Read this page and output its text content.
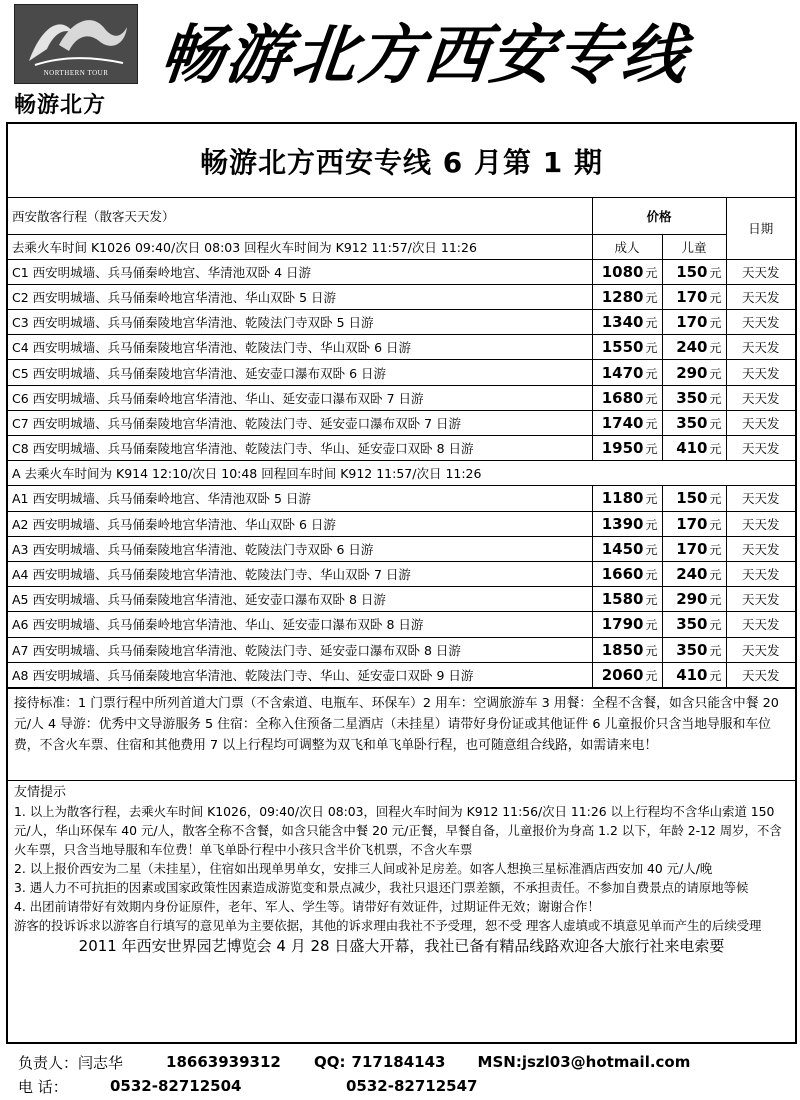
NORTHERN TOUR
畅游北方
畅游北方西安专线
畅游北方西安专线 6 月第 1 期
西安散客行程（散客天天发）	价格		日期
去乘火车时间 K1026 09:40/次日 08:03 回程火车时间为 K912 11:57/次日 11:26	成人	儿童	
C1 西安明城墙、兵马俑秦岭地宫、华清池双卧 4 日游	1080 元	150 元	天天发
C2 西安明城墙、兵马俑秦岭地宫华清池、华山双卧 5 日游	1280 元	170 元	天天发
C3 西安明城墙、兵马俑秦陵地宫华清池、乾陵法门寺双卧 5 日游	1340 元	170 元	天天发
C4 西安明城墙、兵马俑秦陵地宫华清池、乾陵法门寺、华山双卧 6 日游	1550 元	240 元	天天发
C5 西安明城墙、兵马俑秦陵地宫华清池、延安壶口瀑布双卧 6 日游	1470 元	290 元	天天发
C6 西安明城墙、兵马俑秦岭地宫华清池、华山、延安壶口瀑布双卧 7 日游	1680 元	350 元	天天发
C7 西安明城墙、兵马俑秦陵地宫华清池、乾陵法门寺、延安壶口瀑布双卧 7 日游	1740 元	350 元	天天发
C8 西安明城墙、兵马俑秦陵地宫华清池、乾陵法门寺、华山、延安壶口双卧 8 日游	1950 元	410 元	天天发
A 去乘火车时间为 K914 12:10/次日 10:48 回程回车时间 K912 11:57/次日 11:26			
A1 西安明城墙、兵马俑秦岭地宫、华清池双卧 5 日游	1180 元	150 元	天天发
A2 西安明城墙、兵马俑秦岭地宫华清池、华山双卧 6 日游	1390 元	170 元	天天发
A3 西安明城墙、兵马俑秦陵地宫华清池、乾陵法门寺双卧 6 日游	1450 元	170 元	天天发
A4 西安明城墙、兵马俑秦陵地宫华清池、乾陵法门寺、华山双卧 7 日游	1660 元	240 元	天天发
A5 西安明城墙、兵马俑秦陵地宫华清池、延安壶口瀑布双卧 8 日游	1580 元	290 元	天天发
A6 西安明城墙、兵马俑秦岭地宫华清池、华山、延安壶口瀑布双卧 8 日游	1790 元	350 元	天天发
A7 西安明城墙、兵马俑秦陵地宫华清池、乾陵法门寺、延安壶口瀑布双卧 8 日游	1850 元	350 元	天天发
A8 西安明城墙、兵马俑秦陵地宫华清池、乾陵法门寺、华山、延安壶口双卧 9 日游	2060 元	410 元	天天发
接待标准：1 门票行程中所列首道大门票（不含索道、电瓶车、环保车）2 用车：空调旅游车 3 用餐：全程不含餐，如含只能含中餐 20 元/人 4 导游：优秀中文导游服务 5 住宿：全称入住预备二星酒店（未挂星）请带好身份证或其他证件 6 儿童报价只含当地导服和车位费，不含火车票、住宿和其他费用 7 以上行程均可调整为双飞和单飞单卧行程，也可随意组合线路，如需请来电！
友情提示
1. 以上为散客行程，去乘火车时间 K1026，09:40/次日 08:03，回程火车时间为 K912 11:56/次日 11:26 以上行程均不含华山索道 150 元/人，华山环保车 40 元/人，散客全称不含餐，如含只能含中餐 20 元/正餐，早餐自备，儿童报价为身高 1.2 以下，年龄 2-12 周岁，不含火车票，只含当地导服和车位费！单飞单卧行程中小孩只含半价飞机票，不含火车票
2. 以上报价西安为二星（未挂星），住宿如出现单男单女，安排三人间或补足房差。如客人想换三星标准酒店西安加 40 元/人/晚
3. 遇人力不可抗拒的因素或国家政策性因素造成游览变和景点减少，我社只退还门票差额，不承担责任。不参加自费景点的请原地等候
4. 出团前请带好有效期内身份证原件，老年、军人、学生等。请带好有效证件，过期证件无效；谢谢合作！
游客的投诉诉求以游客自行填写的意见单为主要依据，其他的诉求理由我社不予受理，恕不受 理客人虚填或不填意见单而产生的后续受理
2011 年西安世界园艺博览会 4 月 28 日盛大开幕，我社已备有精品线路欢迎各大旅行社来电索要
负责人： 闫志华	18663939312	QQ: 717184143	MSN: jszl03@hotmail.com
电 话：	0532-82712504	0532-82712547
